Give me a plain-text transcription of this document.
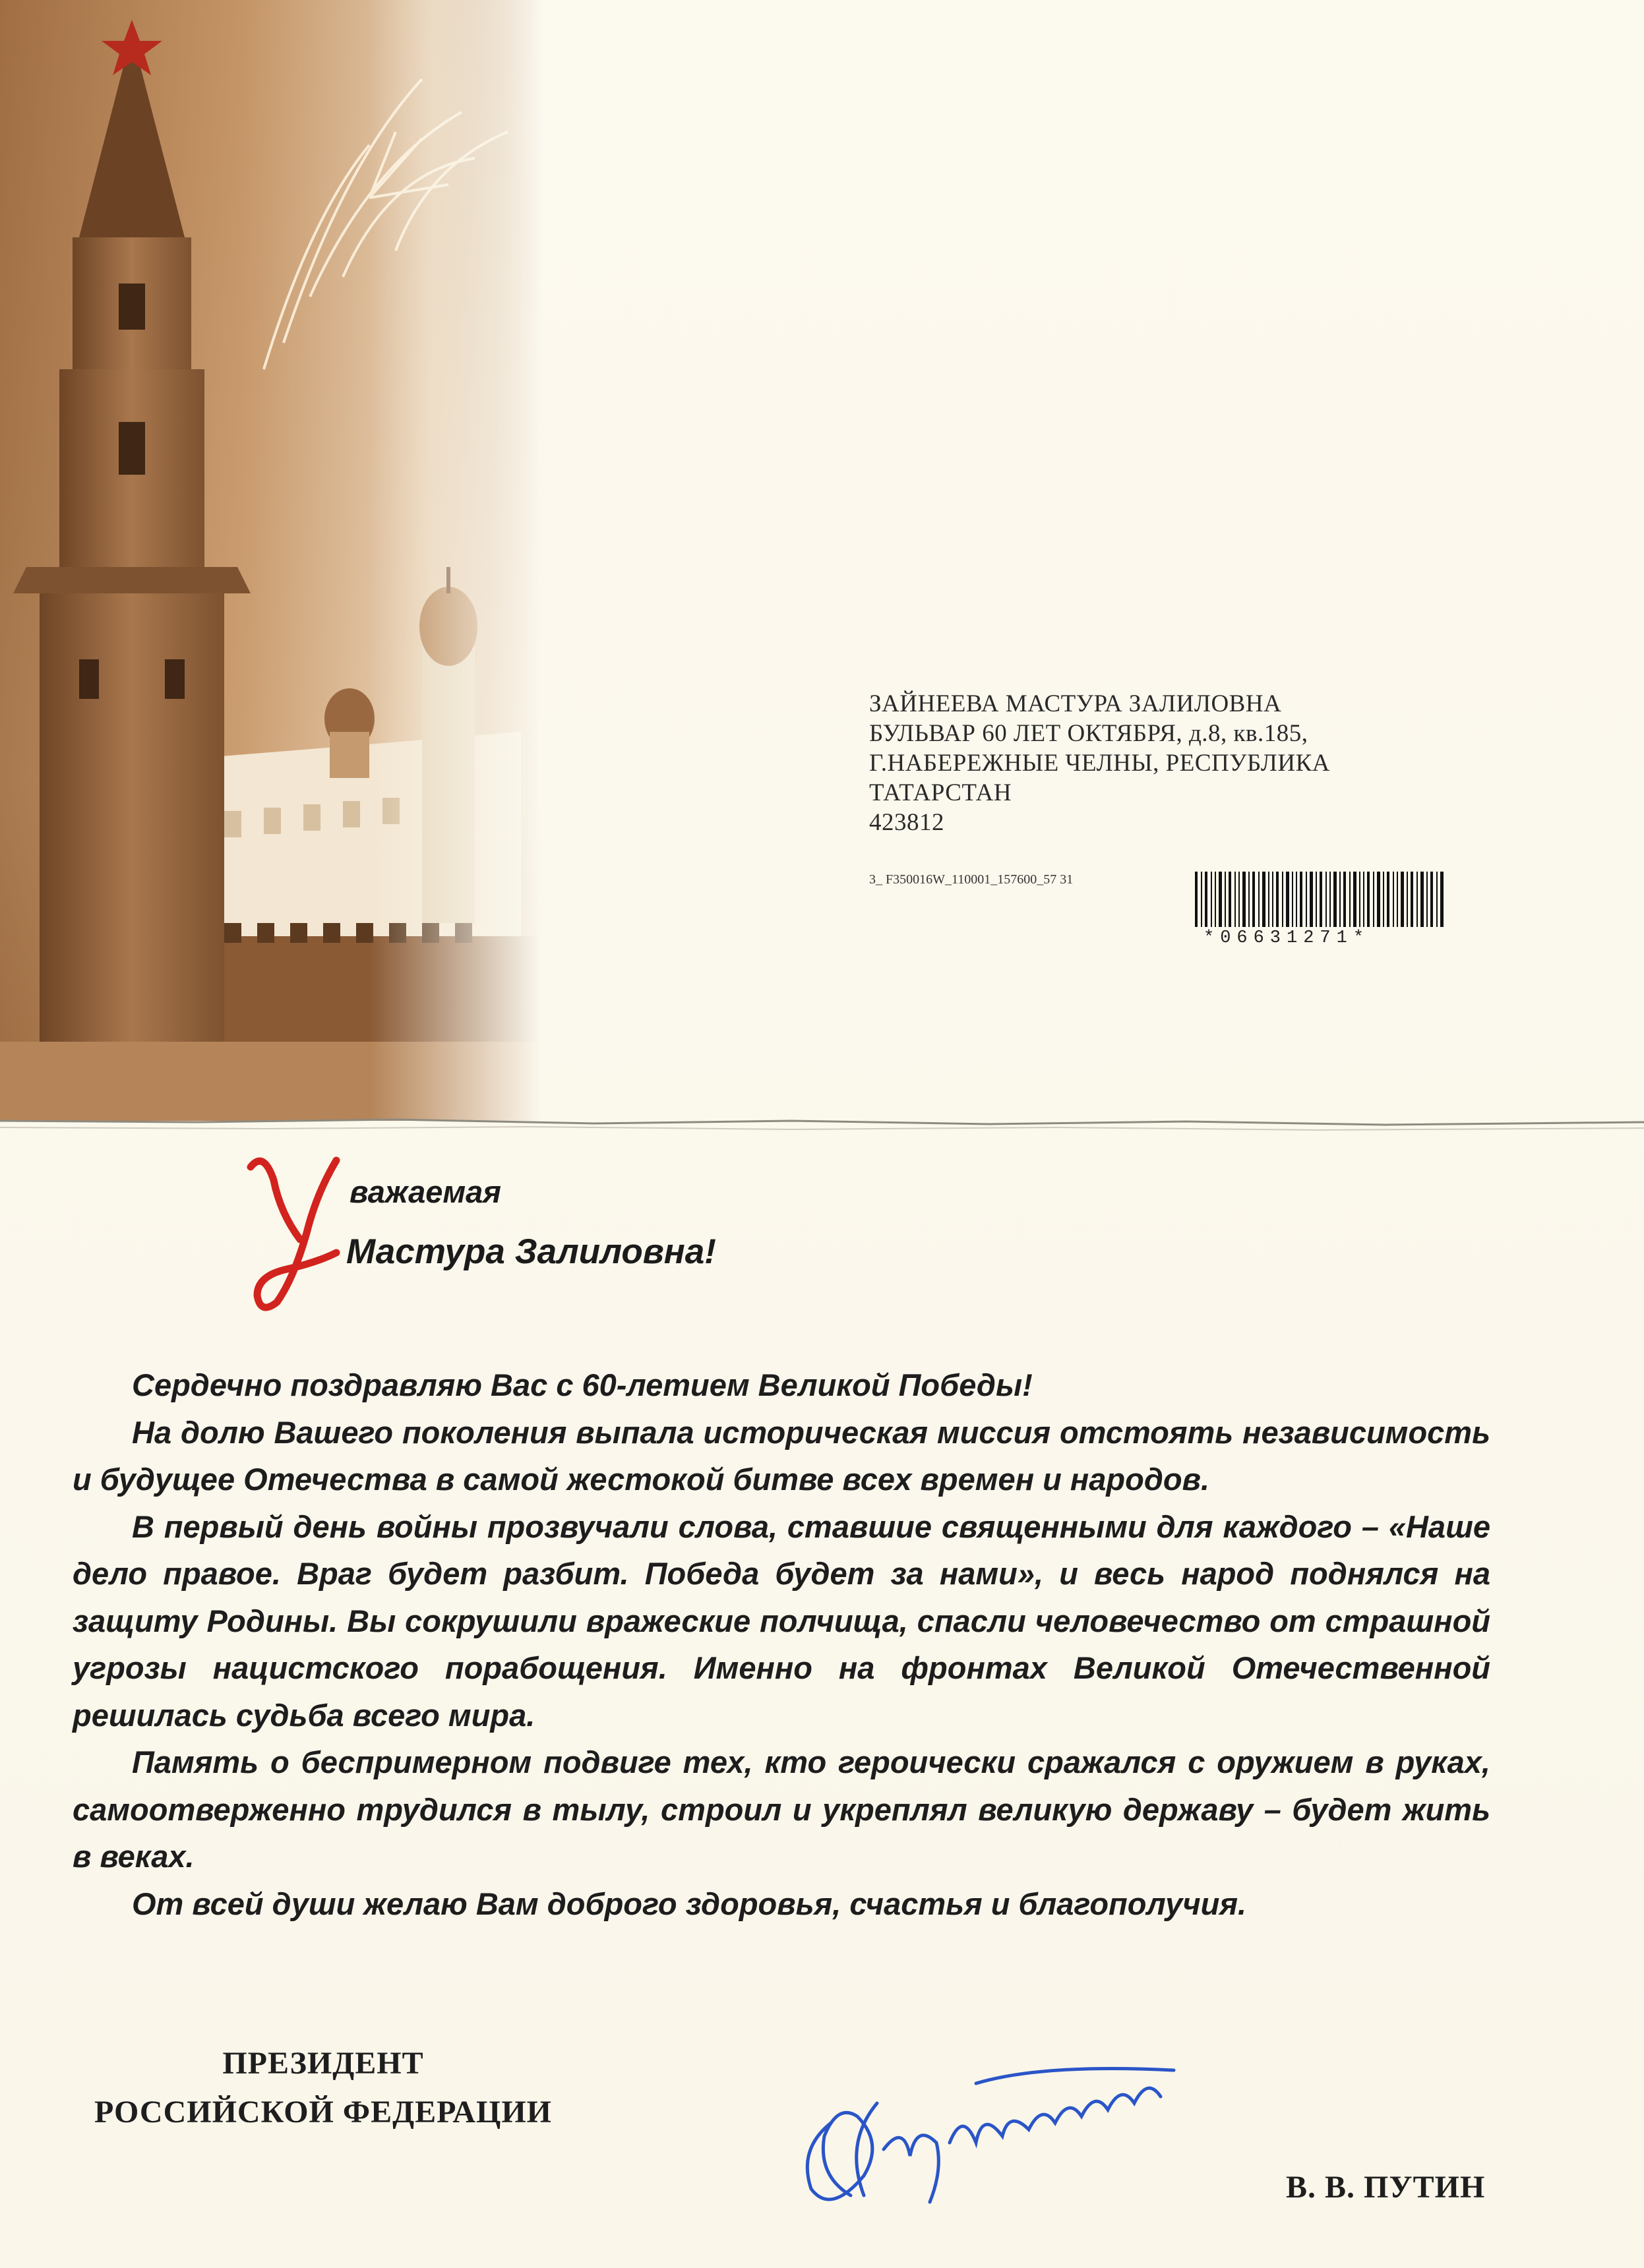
ЗАЙНЕЕВА МАСТУРА ЗАЛИЛОВНА
БУЛЬВАР 60 ЛЕТ ОКТЯБРЯ, д.8, кв.185,
Г.НАБЕРЕЖНЫЕ ЧЕЛНЫ, РЕСПУБЛИКА
ТАТАРСТАН
423812
3_ F350016W_110001_157600_57 31
*06631271*
важаемая
Мастура Залиловна!

Сердечно поздравляю Вас с 60-летием Великой Победы!

На долю Вашего поколения выпала историческая миссия отстоять независимость и будущее Отечества в самой жестокой битве всех времен и народов.

В первый день войны прозвучали слова, ставшие священными для каждого – «Наше дело правое. Враг будет разбит. Победа будет за нами», и весь народ поднялся на защиту Родины. Вы сокрушили вражеские полчища, спасли человечество от страшной угрозы нацистского порабощения. Именно на фронтах Великой Отечественной решилась судьба всего мира.

Память о беспримерном подвиге тех, кто героически сражался с оружием в руках, самоотверженно трудился в тылу, строил и укреплял великую державу – будет жить в веках.

От всей души желаю Вам доброго здоровья, счастья и благополучия.

ПРЕЗИДЕНТ
РОССИЙСКОЙ ФЕДЕРАЦИИ
В. В. ПУТИН
